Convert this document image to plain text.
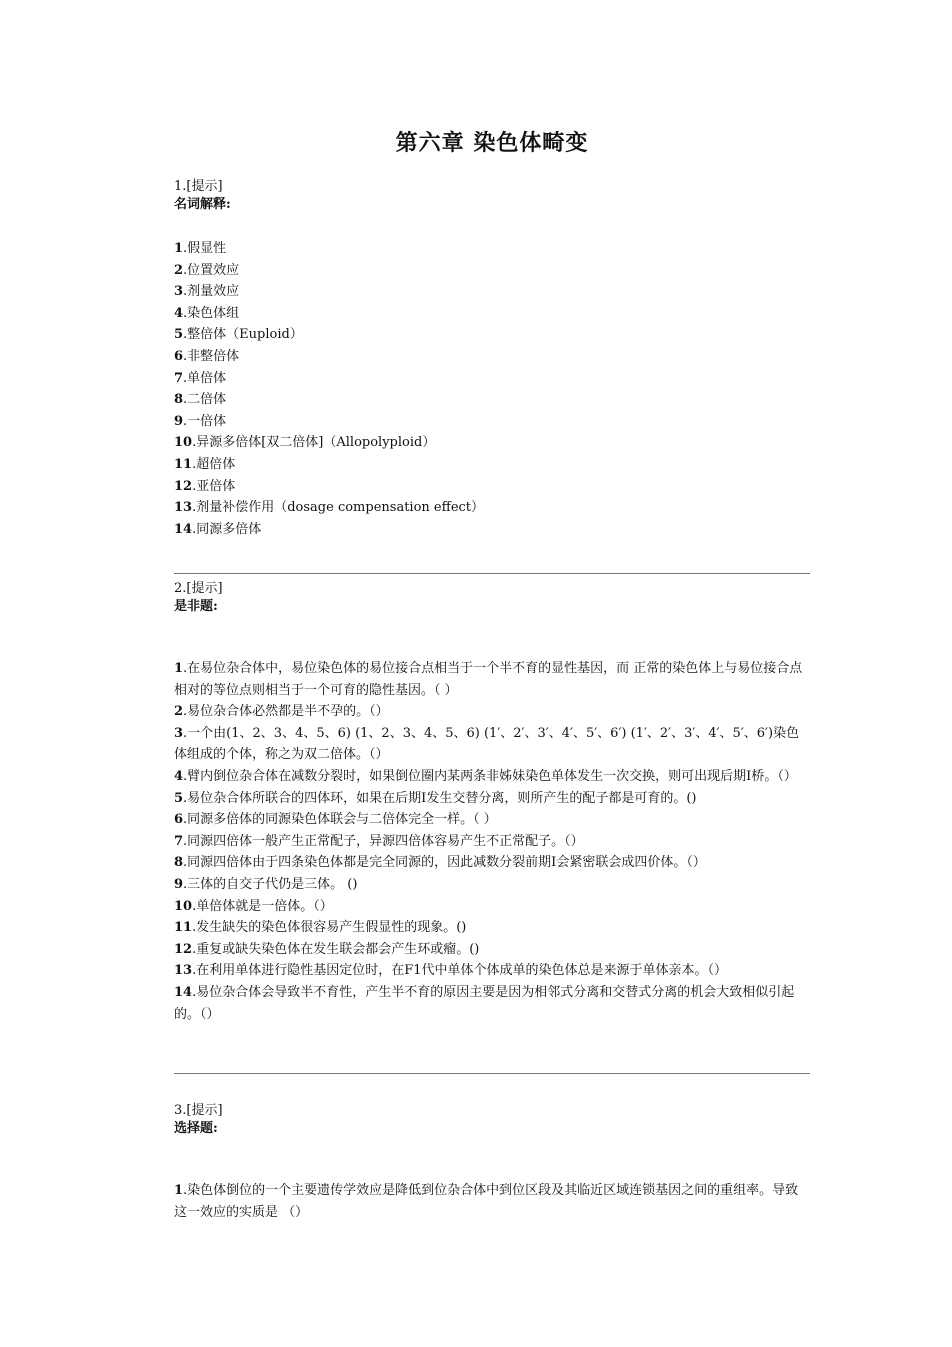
第六章 染色体畸变
1.[提示]
名词解释:
1.假显性
2.位置效应
3.剂量效应
4.染色体组
5.整倍体（Euploid）
6.非整倍体
7.单倍体
8.二倍体
9.一倍体
10.异源多倍体[双二倍体]（Allopolyploid）
11.超倍体
12.亚倍体
13.剂量补偿作用（dosage compensation effect）
14.同源多倍体
2.[提示]
是非题:
1.在易位杂合体中，易位染色体的易位接合点相当于一个半不育的显性基因，而 正常的染色体上与易位接合点相对的等位点则相当于一个可育的隐性基因。（ ）
2.易位杂合体必然都是半不孕的。（）
3.一个由(1、2、3、4、5、6) (1、2、3、4、5、6) (1′、2′、3′、4′、5′、6′) (1′、2′、3′、4′、5′、6′)染色体组成的个体，称之为双二倍体。（）
4.臂内倒位杂合体在减数分裂时，如果倒位圈内某两条非姊妹染色单体发生一次交换，则可出现后期Ⅰ桥。（）
5.易位杂合体所联合的四体环，如果在后期Ⅰ发生交替分离，则所产生的配子都是可育的。()
6.同源多倍体的同源染色体联会与二倍体完全一样。（ ）
7.同源四倍体一般产生正常配子，异源四倍体容易产生不正常配子。（）
8.同源四倍体由于四条染色体都是完全同源的，因此减数分裂前期Ⅰ会紧密联会成四价体。（）
9.三体的自交子代仍是三体。 ()
10.单倍体就是一倍体。（）
11.发生缺失的染色体很容易产生假显性的现象。()
12.重复或缺失染色体在发生联会都会产生环或瘤。()
13.在利用单体进行隐性基因定位时，在F1代中单体个体成单的染色体总是来源于单体亲本。（）
14.易位杂合体会导致半不育性，产生半不育的原因主要是因为相邻式分离和交替式分离的机会大致相似引起的。（）
3.[提示]
选择题:
1.染色体倒位的一个主要遗传学效应是降低到位杂合体中到位区段及其临近区域连锁基因之间的重组率。导致这一效应的实质是 （）
